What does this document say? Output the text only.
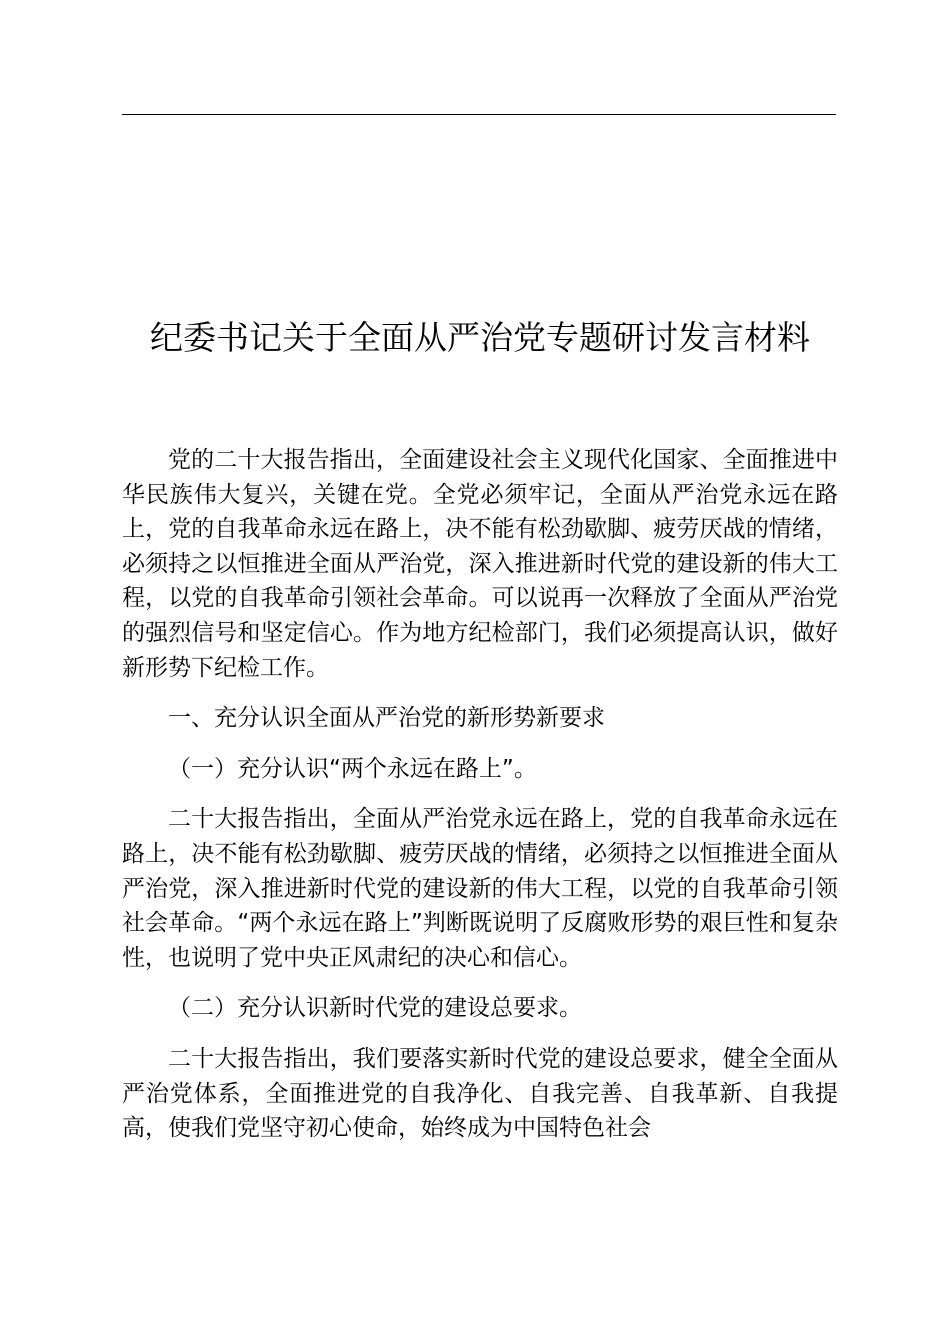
纪委书记关于全面从严治党专题研讨发言材料

党的二十大报告指出，全面建设社会主义现代化国家、全面推进中华民族伟大复兴，关键在党。全党必须牢记，全面从严治党永远在路上，党的自我革命永远在路上，决不能有松劲歇脚、疲劳厌战的情绪，必须持之以恒推进全面从严治党，深入推进新时代党的建设新的伟大工程，以党的自我革命引领社会革命。可以说再一次释放了全面从严治党的强烈信号和坚定信心。作为地方纪检部门，我们必须提高认识，做好新形势下纪检工作。

一、充分认识全面从严治党的新形势新要求

（一）充分认识“两个永远在路上”。

二十大报告指出，全面从严治党永远在路上，党的自我革命永远在路上，决不能有松劲歇脚、疲劳厌战的情绪，必须持之以恒推进全面从严治党，深入推进新时代党的建设新的伟大工程，以党的自我革命引领社会革命。“两个永远在路上”判断既说明了反腐败形势的艰巨性和复杂性，也说明了党中央正风肃纪的决心和信心。

（二）充分认识新时代党的建设总要求。

二十大报告指出，我们要落实新时代党的建设总要求，健全全面从严治党体系，全面推进党的自我净化、自我完善、自我革新、自我提高，使我们党坚守初心使命，始终成为中国特色社会
